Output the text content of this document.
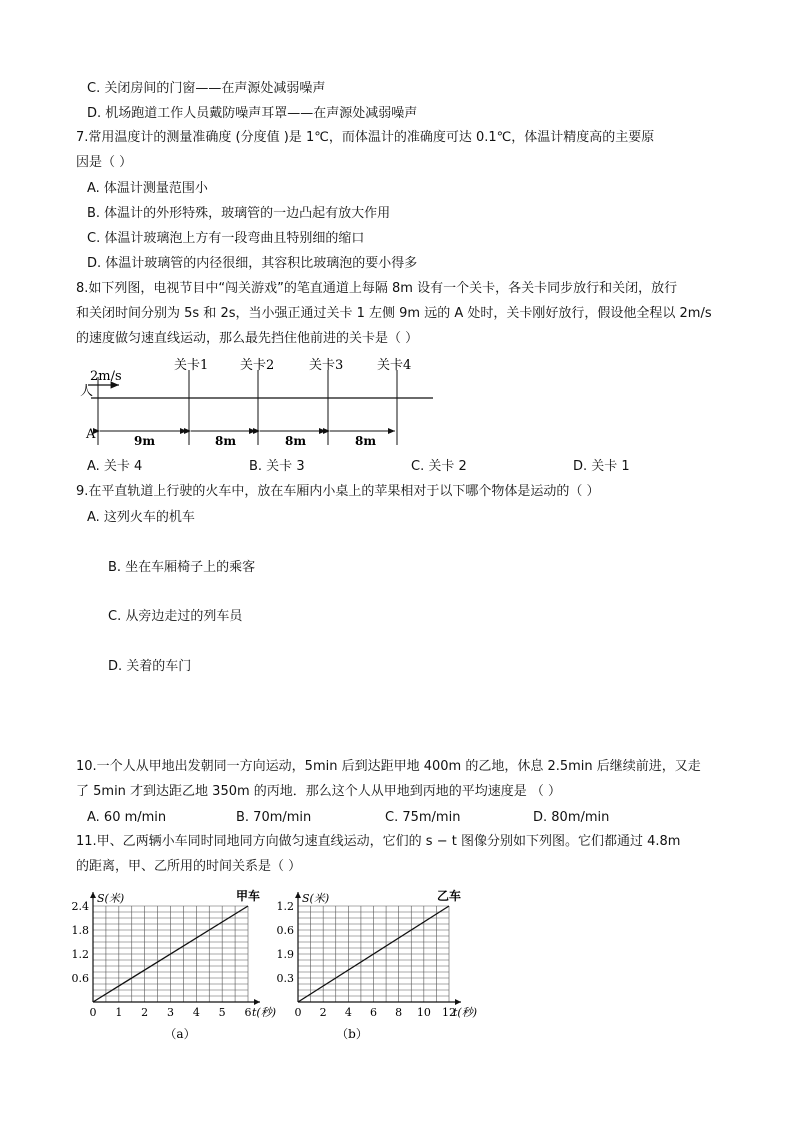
C. 关闭房间的门窗——在声源处减弱噪声
D. 机场跑道工作人员戴防噪声耳罩——在声源处减弱噪声
7.常用温度计的测量准确度 (分度值 )是 1℃，而体温计的准确度可达 0.1℃，体温计精度高的主要原
因是（ ）
A. 体温计测量范围小
B. 体温计的外形特殊，玻璃管的一边凸起有放大作用
C. 体温计玻璃泡上方有一段弯曲且特别细的缩口
D. 体温计玻璃管的内径很细，其容积比玻璃泡的要小得多
8.如下列图，电视节目中“闯关游戏”的笔直通道上每隔 8m 设有一个关卡，各关卡同步放行和关闭，放行
和关闭时间分别为 5s 和 2s，当小强正通过关卡 1 左侧 9m 远的 A 处时，关卡刚好放行，假设他全程以 2m/s
的速度做匀速直线运动，那么最先挡住他前进的关卡是（ ）
2m/s
人
A
关卡1 关卡2	关卡3	关卡4
9m	8m	8m	8m
A. 关卡 4	B. 关卡 3	C. 关卡 2	D. 关卡 1
9.在平直轨道上行驶的火车中，放在车厢内小桌上的苹果相对于以下哪个物体是运动的（ ）
A. 这列火车的机车
B. 坐在车厢椅子上的乘客
C. 从旁边走过的列车员
D. 关着的车门
10.一个人从甲地出发朝同一方向运动，5min 后到达距甲地 400m 的乙地，休息 2.5min 后继续前进，又走
了 5min 才到达距乙地 350m 的丙地．那么这个人从甲地到丙地的平均速度是 （ ）
A. 60 m/min	B. 70m/min	C. 75m/min	D. 80m/min
11.甲、乙两辆小车同时同地同方向做匀速直线运动，它们的 s − t 图像分别如下列图。它们都通过 4.8m
的距离，甲、乙所用的时间关系是（ ）
0 1 2 3 4 5 6
0.6
1.2
1.8
2.4
S(米)
t(秒)
甲车
（a）
0 2 4 6 8 10 12
0.3
1.9
0.6
1.2
S(米)
t(秒)
乙车
（b）
